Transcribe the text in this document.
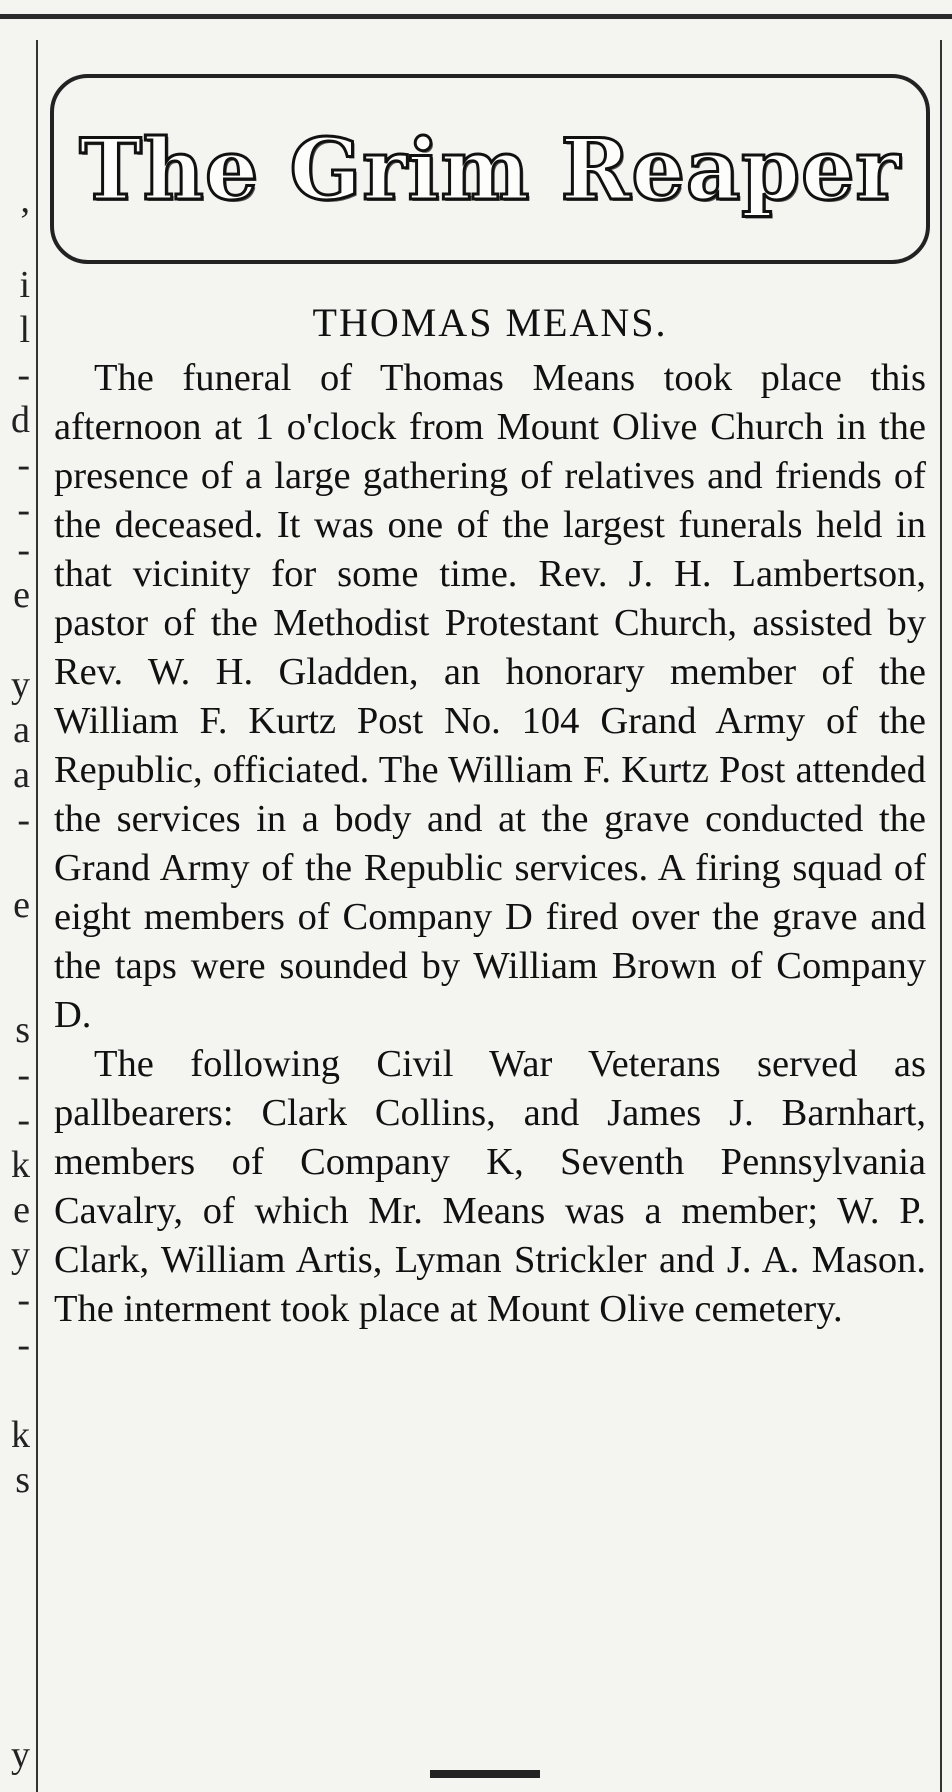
,
i
l
-
d
-
-
-
e
y
a
a
-
e
s
-
-
k
e
y
-
-
k
s
y
The Grim Reaper
THOMAS MEANS.

The funeral of Thomas Means took place this afternoon at 1 o'clock from Mount Olive Church in the presence of a large gathering of relatives and friends of the deceased. It was one of the largest funerals held in that vicinity for some time. Rev. J. H. Lambertson, pastor of the Methodist Protestant Church, assisted by Rev. W. H. Gladden, an honorary member of the William F. Kurtz Post No. 104 Grand Army of the Republic, officiated. The William F. Kurtz Post attended the services in a body and at the grave conducted the Grand Army of the Republic services. A firing squad of eight members of Company D fired over the grave and the taps were sounded by William Brown of Company D.

The following Civil War Veterans served as pallbearers: Clark Collins, and James J. Barnhart, members of Company K, Seventh Pennsylvania Cavalry, of which Mr. Means was a member; W. P. Clark, William Artis, Lyman Strickler and J. A. Mason. The interment took place at Mount Olive cemetery.
